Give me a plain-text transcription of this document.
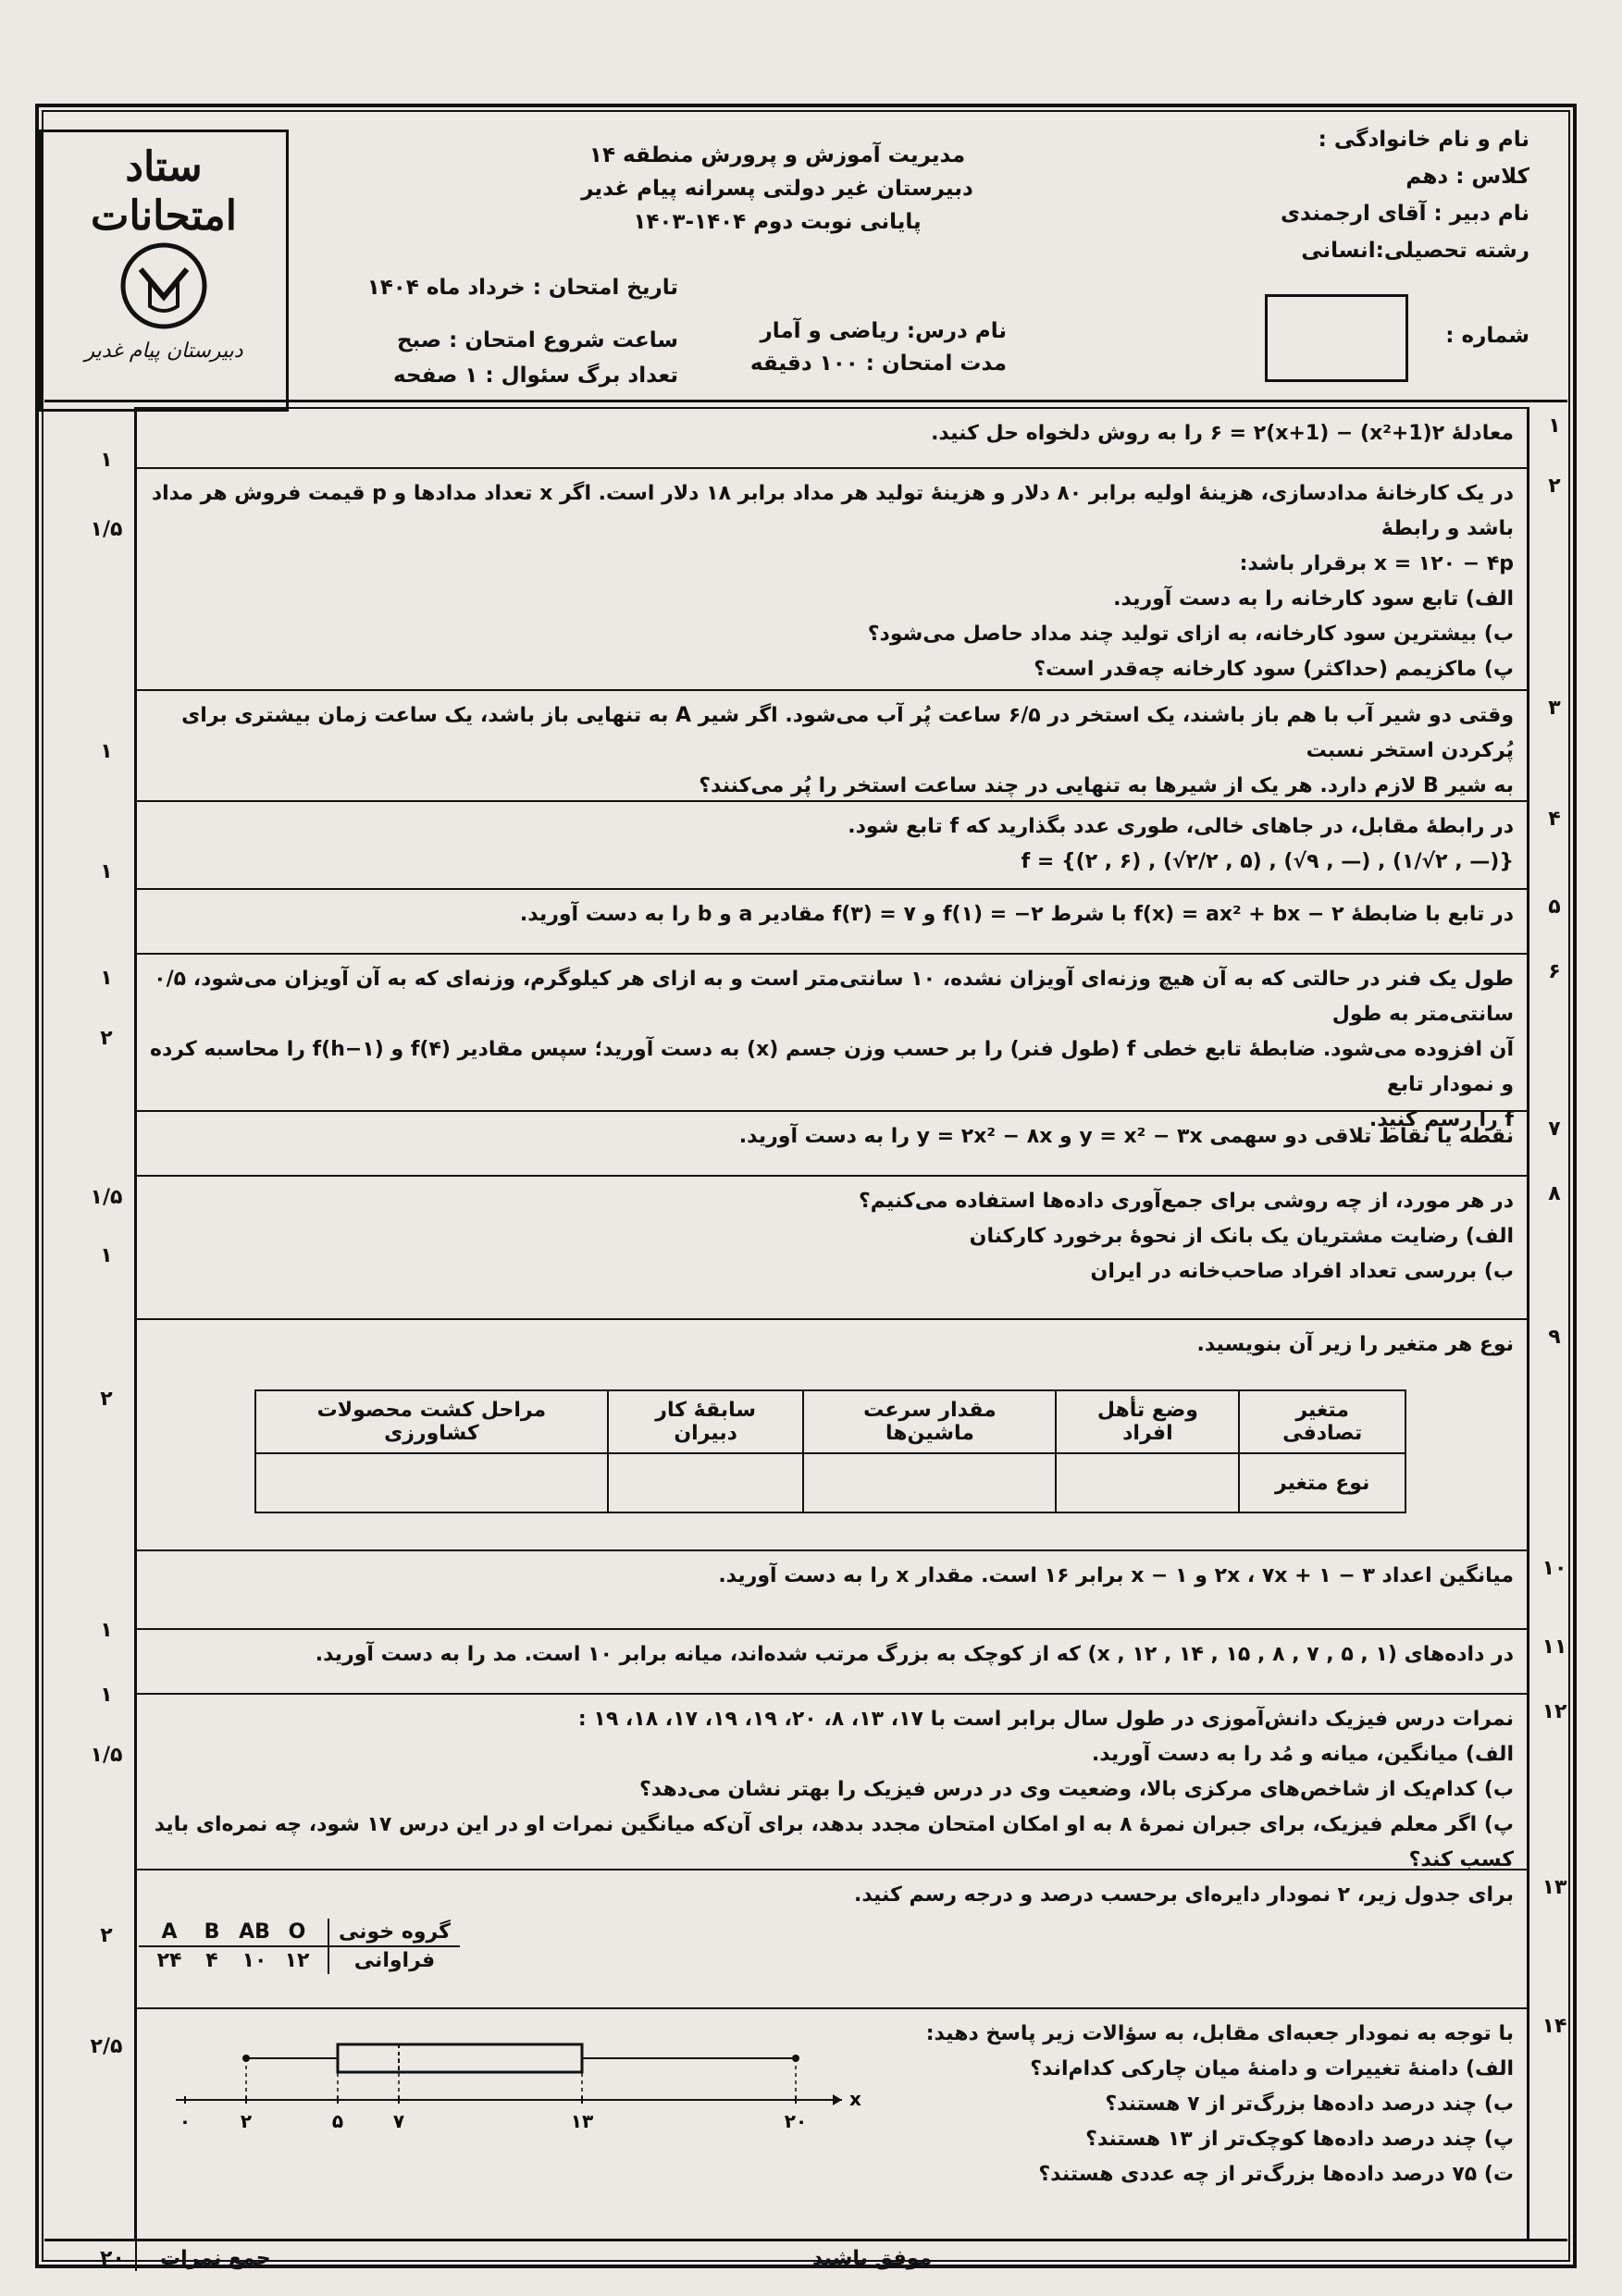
ستاد
امتحانات
دبیرستان پیام غدیر
مدیریت آموزش و پرورش منطقه ۱۴
دبیرستان غیر دولتی پسرانه پیام غدیر
پایانی نوبت دوم ۱۴۰۴-۱۴۰۳
نام و نام خانوادگی :
کلاس : دهم
نام دبیر : آقای ارجمندی
رشته تحصیلی:انسانی
شماره :
تاریخ امتحان : خرداد ماه ۱۴۰۴
ساعت شروع امتحان : صبح
تعداد برگ سئوال : ۱ صفحه
نام درس: ریاضی و آمار
مدت امتحان : ۱۰۰ دقیقه
معادلهٔ ۲(x²+1) − ۶ = ۲(x+1) را به روش دلخواه حل کنید.	۱
۱
در یک کارخانهٔ مدادسازی، هزینهٔ اولیه برابر ۸۰ دلار و هزینهٔ تولید هر مداد برابر ۱۸ دلار است. اگر x تعداد مدادها و p قیمت فروش هر مداد باشد و رابطهٔ
x = ۱۲۰ − ۴p برقرار باشد:
الف) تابع سود کارخانه را به دست آورید.
ب) بیشترین سود کارخانه، به ازای تولید چند مداد حاصل می‌شود؟
پ) ماکزیمم (حداکثر) سود کارخانه چه‌قدر است؟
۲
۱/۵
وقتی دو شیر آب با هم باز باشند، یک استخر در ۶/۵ ساعت پُر آب می‌شود. اگر شیر A به تنهایی باز باشد، یک ساعت زمان بیشتری برای پُرکردن استخر نسبت
به شیر B لازم دارد. هر یک از شیرها به تنهایی در چند ساعت استخر را پُر می‌کنند؟
۳
۱
در رابطهٔ مقابل، در جاهای خالی، طوری عدد بگذارید که f تابع شود.
f = {(۲ , ۶) , (√۲/۲ , ۵) , (√۹ , —) , (۱/√۲ , —)}
۴
۱
در تابع با ضابطهٔ f(x) = ax² + bx − ۲ با شرط f(۱) = −۲ و f(۳) = ۷ مقادیر a و b را به دست آورید.	۵
۱	طول یک فنر در حالتی که به آن هیچ وزنه‌ای آویزان نشده، ۱۰ سانتی‌متر است و به ازای هر کیلوگرم، وزنه‌ای که به آن آویزان می‌شود، ۰/۵ سانتی‌متر به طول
آن افزوده می‌شود. ضابطهٔ تابع خطی f (طول فنر) را بر حسب وزن جسم (x) به دست آورید؛ سپس مقادیر f(۴) و f(h−۱) را محاسبه کرده و نمودار تابع
f را رسم کنید.
۶
۲
نقطه یا نقاط تلاقی دو سهمی y = x² − ۳x و y = ۲x² − ۸x را به دست آورید.	۷
۱/۵	در هر مورد، از چه روشی برای جمع‌آوری داده‌ها استفاده می‌کنیم؟
الف) رضایت مشتریان یک بانک از نحوهٔ برخورد کارکنان
ب) بررسی تعداد افراد صاحب‌خانه در ایران
۸
۱
نوع هر متغیر را زیر آن بنویسید.	۹
۲
میانگین اعداد ۳ − ۲x ، ۷x + ۱ و x − ۱ برابر ۱۶ است. مقدار x را به دست آورید. ۱۰
۱
در داده‌های (۱ , ۵ , ۷ , ۸ , x , ۱۲ , ۱۴ , ۱۵) که از کوچک به بزرگ مرتب شده‌اند، میانه برابر ۱۰ است. مد را به دست آورید. ۱۱
۱
نمرات درس فیزیک دانش‌آموزی در طول سال برابر است با ۱۷، ۱۳، ۸، ۲۰، ۱۹، ۱۹، ۱۷، ۱۸، ۱۹ :
الف) میانگین، میانه و مُد را به دست آورید.
ب) کدام‌یک از شاخص‌های مرکزی بالا، وضعیت وی در درس فیزیک را بهتر نشان می‌دهد؟
پ) اگر معلم فیزیک، برای جبران نمرهٔ ۸ به او امکان امتحان مجدد بدهد، برای آن‌که میانگین نمرات او در این درس ۱۷ شود، چه نمره‌ای باید کسب کند؟
۱۲
۱/۵
برای جدول زیر، ۲ نمودار دایره‌ای برحسب درصد و درجه رسم کنید. ۱۳
۲
با توجه به نمودار جعبه‌ای مقابل، به سؤالات زیر پاسخ دهید:
الف) دامنهٔ تغییرات و دامنهٔ میان چارکی کدام‌اند؟
ب) چند درصد داده‌ها بزرگ‌تر از ۷ هستند؟
پ) چند درصد داده‌ها کوچک‌تر از ۱۳ هستند؟
ت) ۷۵ درصد داده‌ها بزرگ‌تر از چه عددی هستند؟
۱۴
۲/۵
متغیر تصادفی	وضع تأهل افراد	مقدار سرعت ماشین‌ها	سابقهٔ کار دبیران	مراحل کشت محصولات کشاورزی
نوع متغیر				
A B AB O	گروه خونی
۲۴ ۴ ۱۰ ۱۲	فراوانی
x
۰	۲	۵	۷	۱۳	۲۰
موفق باشید
جمع نمرات
۲۰
